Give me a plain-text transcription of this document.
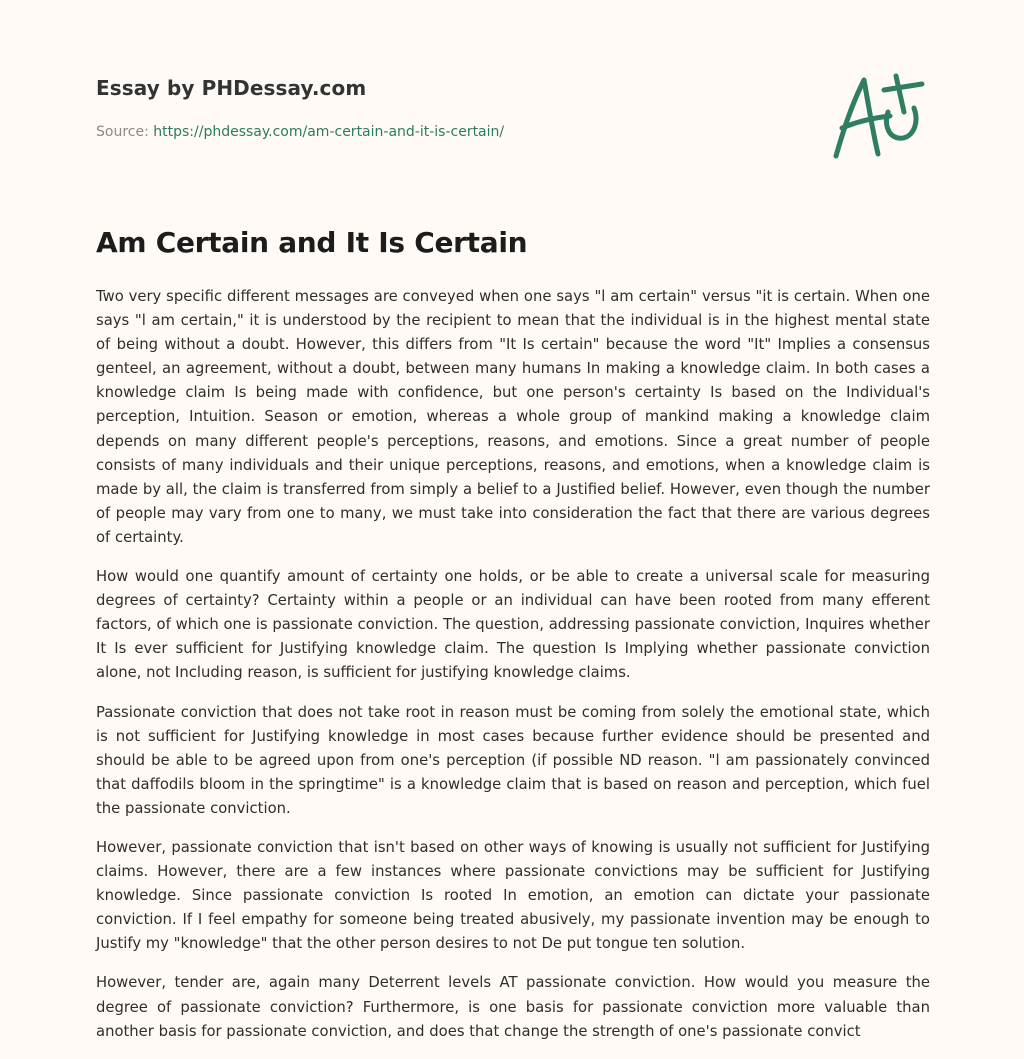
Essay by PHDessay.com
Source: https://phdessay.com/am-certain-and-it-is-certain/
Am Certain and It Is Certain

Two very specific different messages are conveyed when one says "l am certain" versus "it is certain. When one says "l am certain," it is understood by the recipient to mean that the individual is in the highest mental state of being without a doubt. However, this differs from "It Is certain" because the word "It" Implies a consensus genteel, an agreement, without a doubt, between many humans In making a knowledge claim. In both cases a knowledge claim Is being made with confidence, but one person's certainty Is based on the Individual's perception, Intuition. Season or emotion, whereas a whole group of mankind making a knowledge claim depends on many different people's perceptions, reasons, and emotions. Since a great number of people consists of many individuals and their unique perceptions, reasons, and emotions, when a knowledge claim is made by all, the claim is transferred from simply a belief to a Justified belief. However, even though the number of people may vary from one to many, we must take into consideration the fact that there are various degrees of certainty.

How would one quantify amount of certainty one holds, or be able to create a universal scale for measuring degrees of certainty? Certainty within a people or an individual can have been rooted from many efferent factors, of which one is passionate conviction. The question, addressing passionate conviction, Inquires whether It Is ever sufficient for Justifying knowledge claim. The question Is Implying whether passionate conviction alone, not Including reason, is sufficient for justifying knowledge claims.

Passionate conviction that does not take root in reason must be coming from solely the emotional state, which is not sufficient for Justifying knowledge in most cases because further evidence should be presented and should be able to be agreed upon from one's perception (if possible ND reason. "l am passionately convinced that daffodils bloom in the springtime" is a knowledge claim that is based on reason and perception, which fuel the passionate conviction.

However, passionate conviction that isn't based on other ways of knowing is usually not sufficient for Justifying claims. However, there are a few instances where passionate convictions may be sufficient for Justifying knowledge. Since passionate conviction Is rooted In emotion, an emotion can dictate your passionate conviction. If I feel empathy for someone being treated abusively, my passionate invention may be enough to Justify my "knowledge" that the other person desires to not De put tongue ten solution.

However, tender are, again many Deterrent levels AT passionate conviction. How would you measure the degree of passionate conviction? Furthermore, is one basis for passionate conviction more valuable than another basis for passionate conviction, and does that change the strength of one's passionate convict
